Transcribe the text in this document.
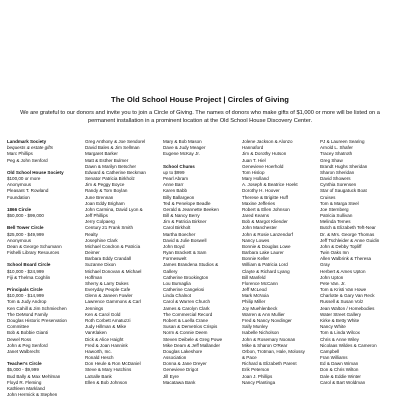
The Old School House Project | Circles of Giving
We are grateful to our donors and invite you to join a Circle of Giving. The names of donors who make gifts of $1,000 or more will be listed on a permanent installation in a prominent location at the Old School House Discovery Center.
Landmark Society
bequests & estate gifts
Marc Phillips
Peg & John Senford
Old School House Society
$100,00 or more
Anonymous
Pleasant T. Rowland
Foundation
1866 Circle
$50,000 - $99,000
Bell Tower Circle
$25,000 - $49,999
Anonymous
Dean & George Schumann
Fishelli Library Resources
School Board Circle
$10,000 - $24,999
Fiji & Thelma Coghlin
Principals Circle
$10,000 - $14,999
Tom & Judy Androp
Ken Cahill & Jim Schmiechen
The DeMond Family
Douglas Historic Preservation
Committee
Bob & Bobbie Gianti
Dewel Ross
John & Peg Senford
Janet Walbrecht
Teacher's Circle
$5,000 - $9,999
Bud Bally & Max Mehlman
Floyd R. Fleming
Kathleen Markland
John Hermick & Stephen
Greg Anthony & Joe Sendorel
David Bales & Jim Sellman
Margaret Barker
Matt & Esther Bulmer
Dawn & Marilyn Betscher
Edward & Catherine Beckman
Senator Patricia Birkholz
Jim & Peggy Boyce
Randy & Tom Boylan
June Brennan
Joan Eddy Brigham
John Carmina, David Lyon &
Jeff Phillips
Jerry Colpaerg
Century 21 Frank Smith
Realty
Josephine Clark
Michael Condron & Patricia
Deimer
Barbara Eddy Crandall
Suzanne Dixon
Michael Donovan & Michael
Hoffman
Sherry & Larry Dukes
Everyday People Cafe
Glenn & Janeen Fowler
Lawrence Gammons & Carl
Jennings
Ken & Carol Gold
Roth Corbett Amatuzzi
Judy Hillman & Mike
VanKlaken
Dick & Alice Haight
Fred & Joan Hannink
Haworth, Inc.
Ronald Hesch
Don Heule & Ron McDaniel
Steve & Mary Hutchins
LaSalle Bank
Ellen & Bob Johnson
Mary & Bob Mason
Dave & Judy Meager
Eugene McKay Jr.
School Chums
up to $999
Pearl Abram
Anne Barr
Karen Babb
Billy Ballargeon
Ted & Penelope Beadle
Gerald & Jeannette Beeken
Bill & Nancy Berry
Jim & Patricia Birkner
Carol Birkholt
Martha Boecher
David & Julie Boswell
John Boyd
Ryan Brackett & Sam
Formeswelt
James Brandena Studios &
Gallery
Catherine Brookington
Lou Bumaglia
Catherine Cangelosi
Linda Chalnot
Carol & Warren Church
James & Carolyn Clark
The Commercial Record
Robert & Luella Crane
Susan & Demetrios Crispis
Norm & Connie Deem
Steven Deibele & Greg Powe
Mike Deam & Jeff Mallander
Douglas Lakeshore
Association
Donna & Jane Dreyer
Genevieve Drigot
Jill Eyre
Macatawa Bank
Jolene Jackson & Alonzo
Hannaford
Jim & Dorothy Hutson
Juan T. Hiel
Genevieve Hoerhold
Tom Hislop
Mary Holland
A. Joseph & Beatrice Hoekt
Dorothy H. Hoover
Therese & Brigitte Huff
Maxine Jefferies
Robert & Ellen Johnson
Jared Kearns
Bob & Margot Kliender
John Manchester
John & Rosie Lanzendorf
Nancy Lowes
Bonnie & Douglas Lowe
Barbara Lake Laurer
Bonnie Keller
William & Patricia Lord
Clayte & Richard Lyang
Bill Manfeld
Florence McCann
Jeff McLeod
Mark McNoia
Philip Miller
Joy Muehlenbeck
Warren & Ann Mullier
Fred & Nancy Novdinger
Sally Munley
Isabelle Nicholson
John & Rosemary Noonan
Mike & Sharon O'Rear
Orbon, Trotman, Hale, Molossy
& Pace
Richard & Elizabeth Parent
Erik Peterson
Joan J. Phillips
Nancy Plantinga
PJ & Laureen Searing
Arnold L. Shafer
Tracey Shatroth
Greg Shaw
Brandt Hughs Sheridan
Sharon Sheridan
David Showers
Cynthia Sorensen
Star of Saugatuck Boat
Cruises
Tom & Marga Steel
Joe Sternberg
Patricia Sullivan
Melinda Temes
Butch & Elizabeth Teft-Near
Dr. & Mrs. George Thomas
Jeff Tschleider & Anne Guidin
John & Debby Topliff
Twin Oaks Inn
Allen Walbrink & Theresa
Gray
Herbert & Ames Upton
John Upton
Pete Van. Jr.
Tom & Kristi Van Howe
Charlotte & Gary Van Reck
Russell & Susan Volz
Jean Walton / Homebodies
Water Street Gallery
Kirke & Betty White
Nancy White
Tom & Linda Wilcox
Chris & Anne Wiley
Nicolaas Wildes & Cameron
Campbell
Fran Williams
Ed & Dawn Wiman
Don & Chris Wilton
Dale & Eddie Winter
Carol & Bart Woldman
